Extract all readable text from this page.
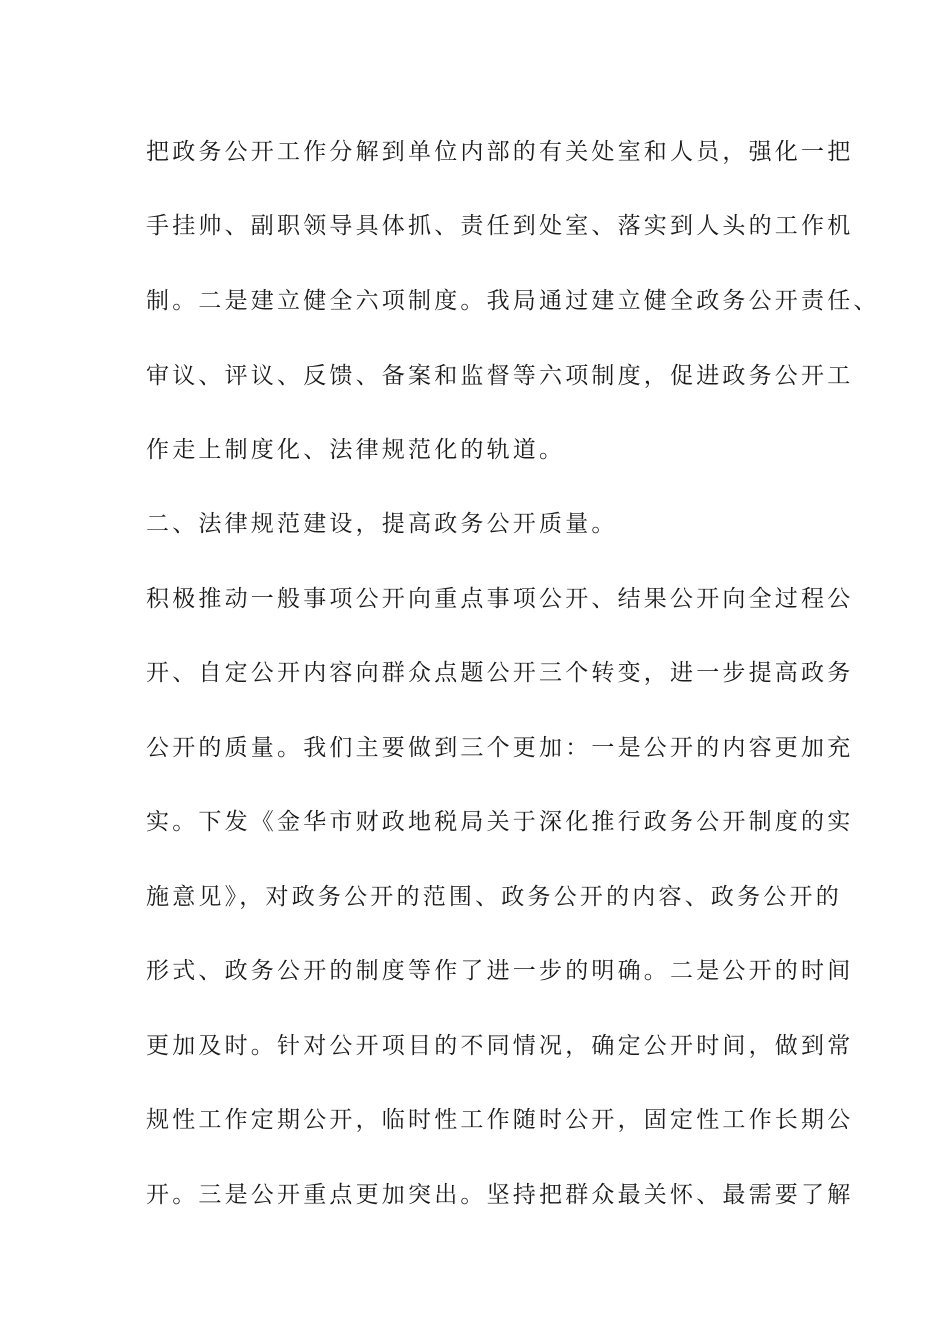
把政务公开工作分解到单位内部的有关处室和人员，强化一把
手挂帅、副职领导具体抓、责任到处室、落实到人头的工作机
制。二是建立健全六项制度。我局通过建立健全政务公开责任、
审议、评议、反馈、备案和监督等六项制度，促进政务公开工
作走上制度化、法律规范化的轨道。
二、法律规范建设，提高政务公开质量。
积极推动一般事项公开向重点事项公开、结果公开向全过程公
开、自定公开内容向群众点题公开三个转变，进一步提高政务
公开的质量。我们主要做到三个更加：一是公开的内容更加充
实。下发《金华市财政地税局关于深化推行政务公开制度的实
施意见》，对政务公开的范围、政务公开的内容、政务公开的
形式、政务公开的制度等作了进一步的明确。二是公开的时间
更加及时。针对公开项目的不同情况，确定公开时间，做到常
规性工作定期公开，临时性工作随时公开，固定性工作长期公
开。三是公开重点更加突出。坚持把群众最关怀、最需要了解
